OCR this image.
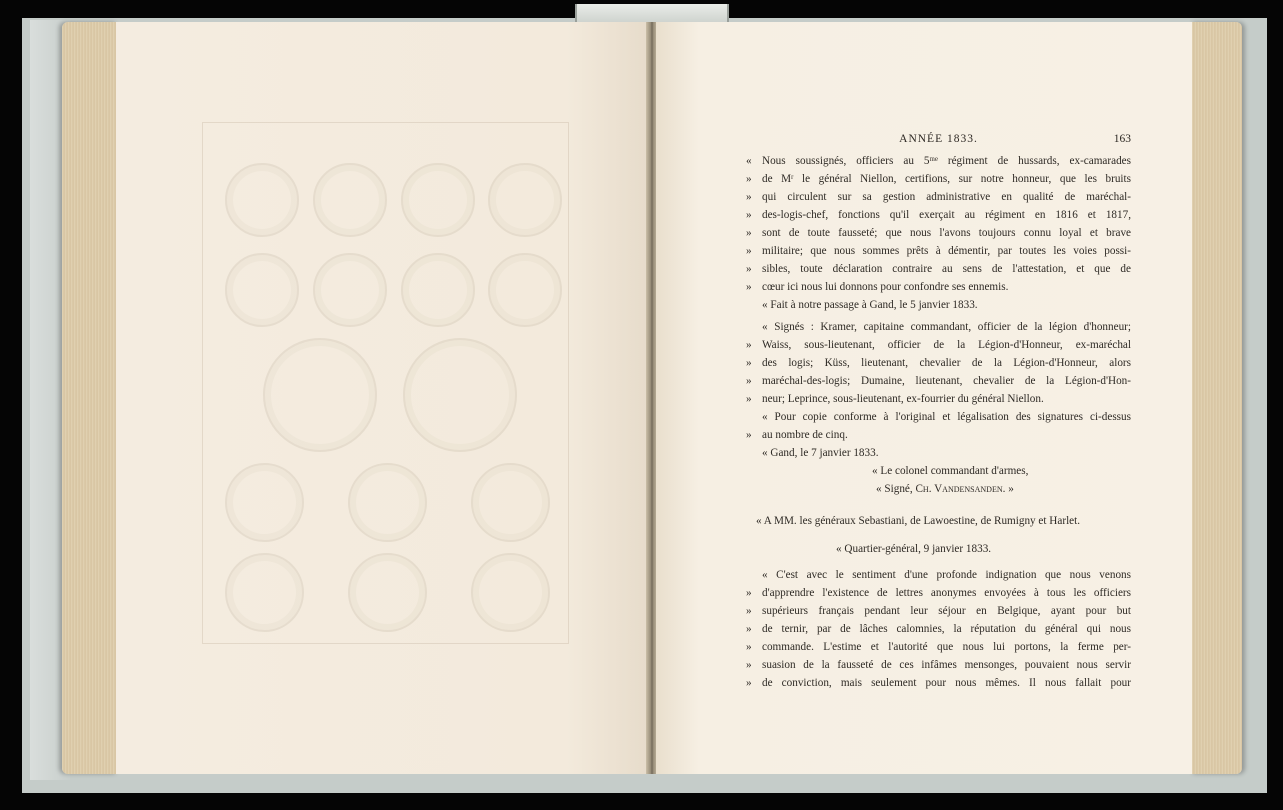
ANNÉE 1833.	163
« Nous soussignés, officiers au 5ᵐᵉ régiment de hussards, ex-camarades
» de Mʳ le général Niellon, certifions, sur notre honneur, que les bruits
» qui circulent sur sa gestion administrative en qualité de maréchal-
» des-logis-chef, fonctions qu'il exerçait au régiment en 1816 et 1817,
» sont de toute fausseté; que nous l'avons toujours connu loyal et brave
» militaire; que nous sommes prêts à démentir, par toutes les voies possi-
» sibles, toute déclaration contraire au sens de l'attestation, et que de
» cœur ici nous lui donnons pour confondre ses ennemis.
« Fait à notre passage à Gand, le 5 janvier 1833.
« Signés : Kramer, capitaine commandant, officier de la légion d'honneur;
» Waiss, sous-lieutenant, officier de la Légion-d'Honneur, ex-maréchal
» des logis; Küss, lieutenant, chevalier de la Légion-d'Honneur, alors
» maréchal-des-logis; Dumaine, lieutenant, chevalier de la Légion-d'Hon-
» neur; Leprince, sous-lieutenant, ex-fourrier du général Niellon.
« Pour copie conforme à l'original et légalisation des signatures ci-dessus
» au nombre de cinq.
« Gand, le 7 janvier 1833.
« Le colonel commandant d'armes,
« Signé, Ch. Vandensanden. »
« A MM. les généraux Sebastiani, de Lawoestine, de Rumigny et Harlet.
« Quartier-général, 9 janvier 1833.
« C'est avec le sentiment d'une profonde indignation que nous venons
» d'apprendre l'existence de lettres anonymes envoyées à tous les officiers
» supérieurs français pendant leur séjour en Belgique, ayant pour but
» de ternir, par de lâches calomnies, la réputation du général qui nous
» commande. L'estime et l'autorité que nous lui portons, la ferme per-
» suasion de la fausseté de ces infâmes mensonges, pouvaient nous servir
» de conviction, mais seulement pour nous mêmes. Il nous fallait pour
